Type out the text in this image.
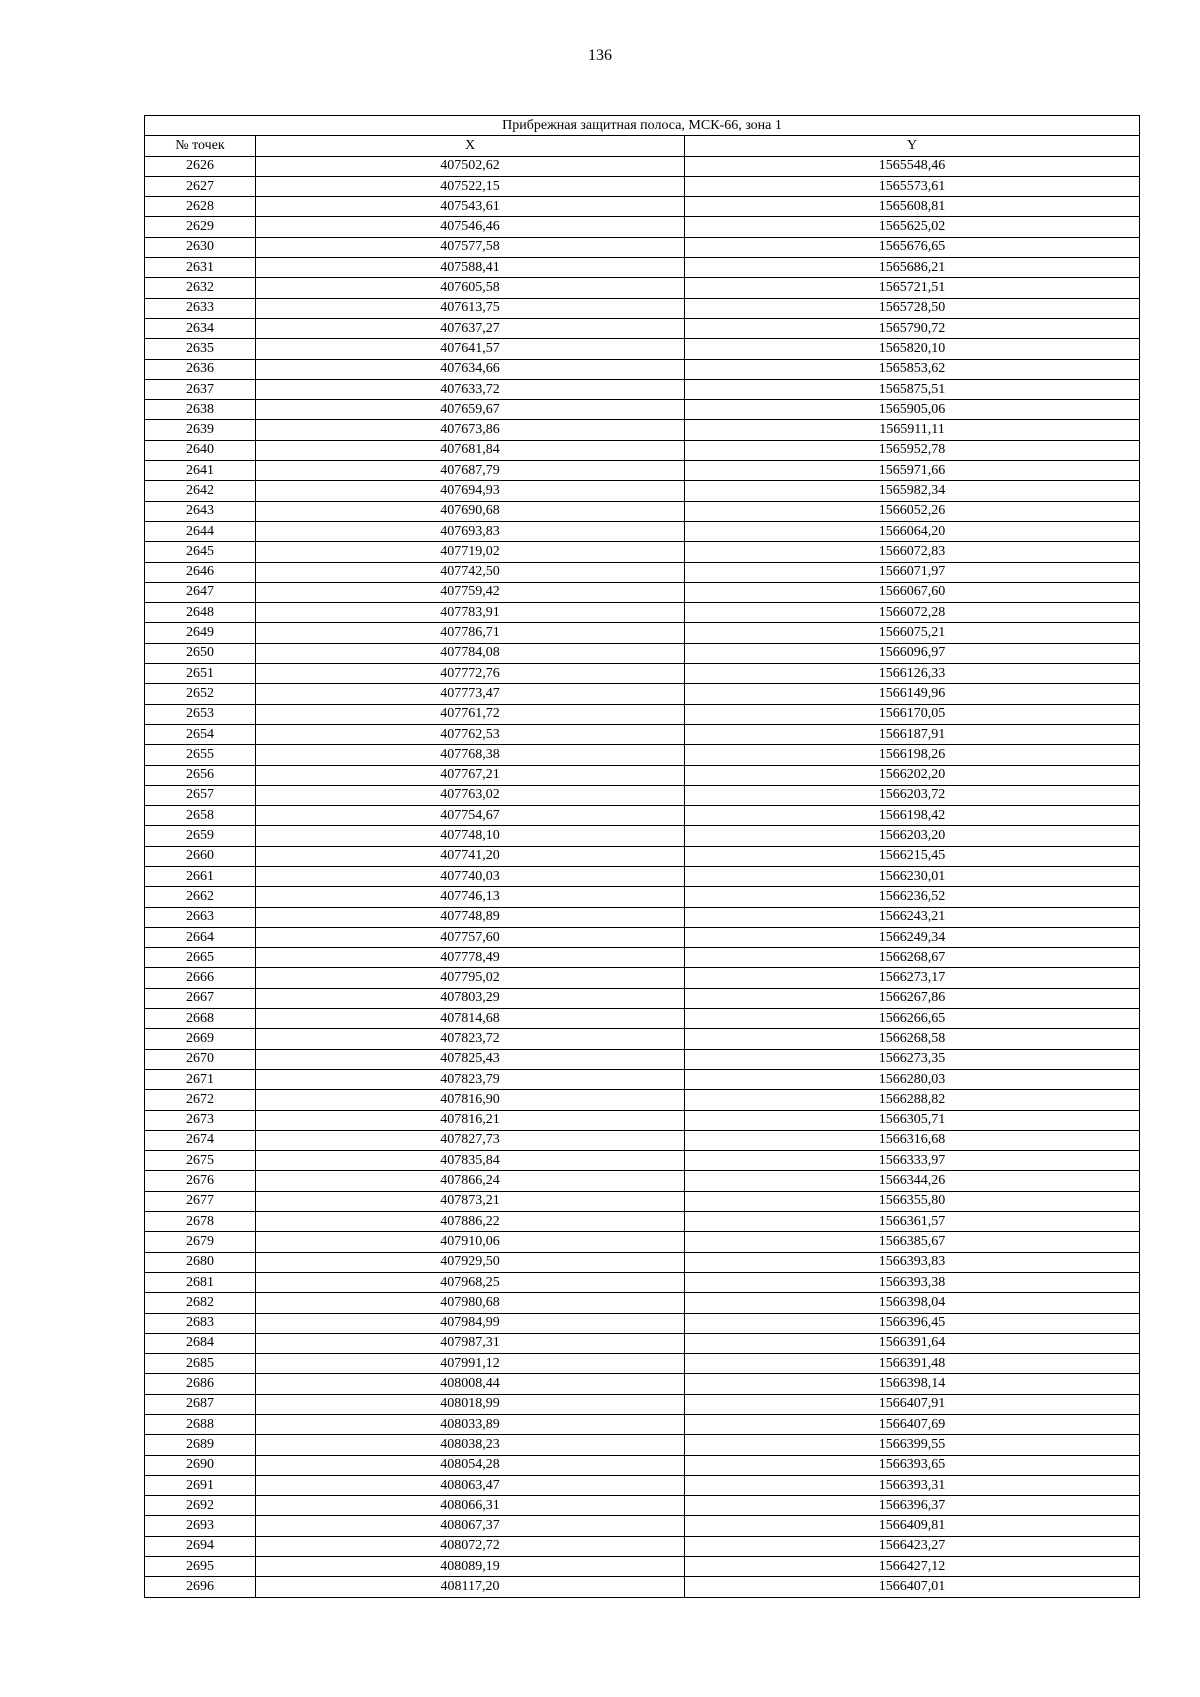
136
Прибрежная защитная полоса, МСК-66, зона 1		
№ точек	X	Y
2626	407502,62	1565548,46
2627	407522,15	1565573,61
2628	407543,61	1565608,81
2629	407546,46	1565625,02
2630	407577,58	1565676,65
2631	407588,41	1565686,21
2632	407605,58	1565721,51
2633	407613,75	1565728,50
2634	407637,27	1565790,72
2635	407641,57	1565820,10
2636	407634,66	1565853,62
2637	407633,72	1565875,51
2638	407659,67	1565905,06
2639	407673,86	1565911,11
2640	407681,84	1565952,78
2641	407687,79	1565971,66
2642	407694,93	1565982,34
2643	407690,68	1566052,26
2644	407693,83	1566064,20
2645	407719,02	1566072,83
2646	407742,50	1566071,97
2647	407759,42	1566067,60
2648	407783,91	1566072,28
2649	407786,71	1566075,21
2650	407784,08	1566096,97
2651	407772,76	1566126,33
2652	407773,47	1566149,96
2653	407761,72	1566170,05
2654	407762,53	1566187,91
2655	407768,38	1566198,26
2656	407767,21	1566202,20
2657	407763,02	1566203,72
2658	407754,67	1566198,42
2659	407748,10	1566203,20
2660	407741,20	1566215,45
2661	407740,03	1566230,01
2662	407746,13	1566236,52
2663	407748,89	1566243,21
2664	407757,60	1566249,34
2665	407778,49	1566268,67
2666	407795,02	1566273,17
2667	407803,29	1566267,86
2668	407814,68	1566266,65
2669	407823,72	1566268,58
2670	407825,43	1566273,35
2671	407823,79	1566280,03
2672	407816,90	1566288,82
2673	407816,21	1566305,71
2674	407827,73	1566316,68
2675	407835,84	1566333,97
2676	407866,24	1566344,26
2677	407873,21	1566355,80
2678	407886,22	1566361,57
2679	407910,06	1566385,67
2680	407929,50	1566393,83
2681	407968,25	1566393,38
2682	407980,68	1566398,04
2683	407984,99	1566396,45
2684	407987,31	1566391,64
2685	407991,12	1566391,48
2686	408008,44	1566398,14
2687	408018,99	1566407,91
2688	408033,89	1566407,69
2689	408038,23	1566399,55
2690	408054,28	1566393,65
2691	408063,47	1566393,31
2692	408066,31	1566396,37
2693	408067,37	1566409,81
2694	408072,72	1566423,27
2695	408089,19	1566427,12
2696	408117,20	1566407,01
